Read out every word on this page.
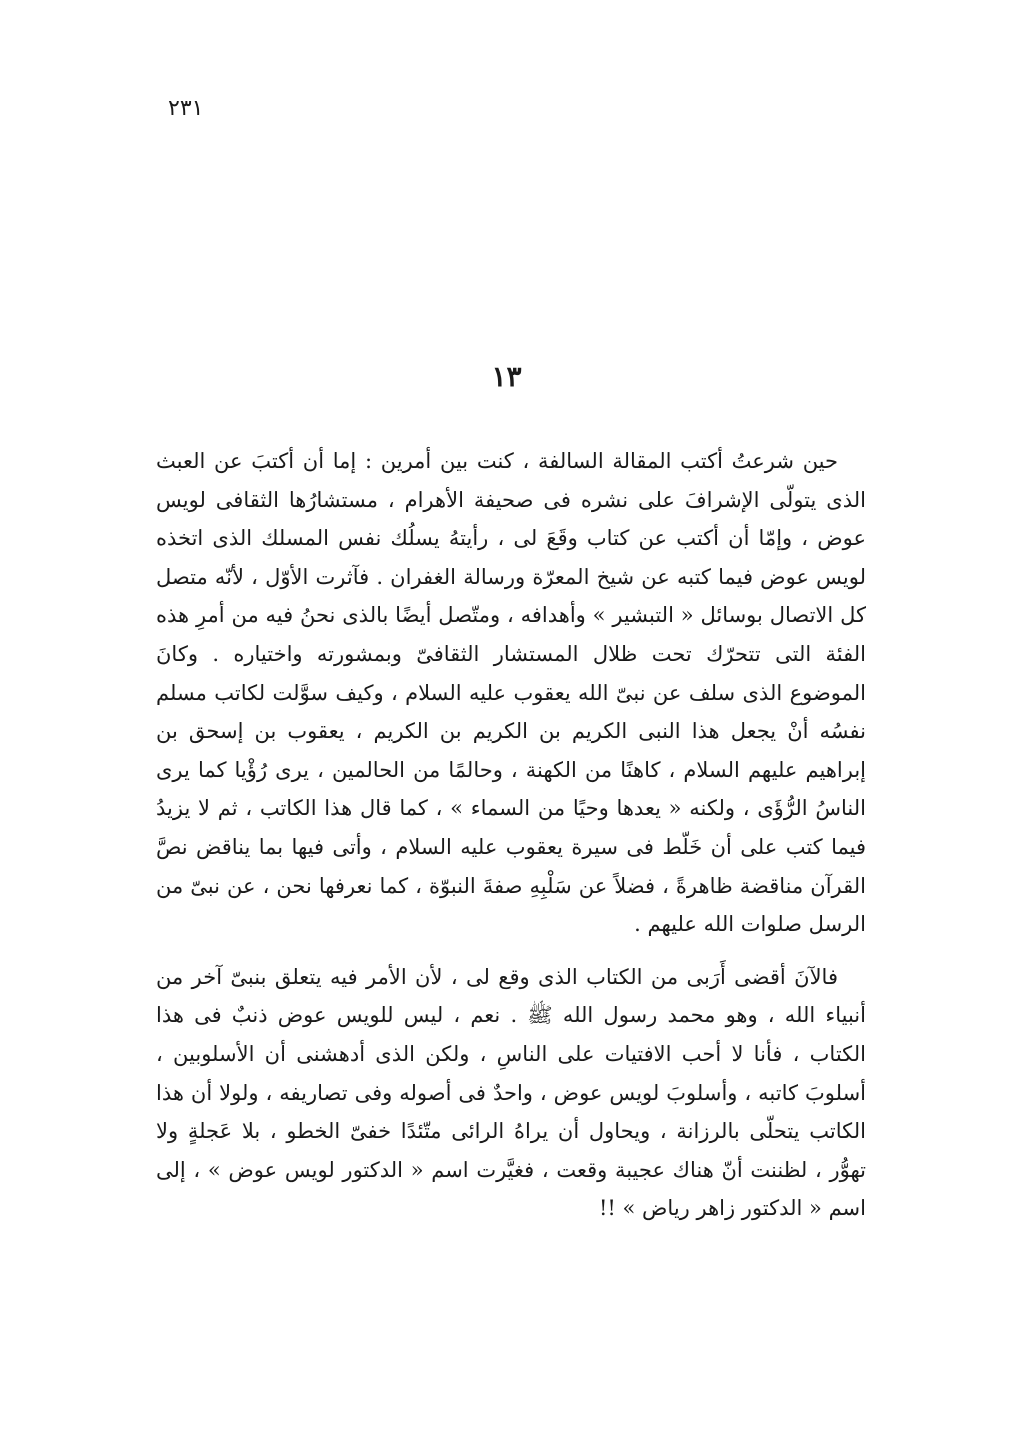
٢٣١
١٣

حين شرعتُ أكتب المقالة السالفة ، كنت بين أمرين : إما أن أكتبَ عن العبث الذى يتولّى الإشرافَ على نشره فى صحيفة الأهرام ، مستشارُها الثقافى لويس عوض ، وإمّا أن أكتب عن كتاب وقَعَ لى ، رأيتهُ يسلُك نفس المسلك الذى اتخذه لويس عوض فيما كتبه عن شيخ المعرّة ورسالة الغفران . فآثرت الأوّل ، لأنّه متصل كل الاتصال بوسائل « التبشير » وأهدافه ، ومتّصل أيضًا بالذى نحنُ فيه من أمرِ هذه الفئة التى تتحرّك تحت ظلال المستشار الثقافىّ وبمشورته واختياره . وكانَ الموضوع الذى سلف عن نبىّ الله يعقوب عليه السلام ، وكيف سوَّلت لكاتب مسلم نفسُه أنْ يجعل هذا النبى الكريم بن الكريم بن الكريم ، يعقوب بن إسحق بن إبراهيم عليهم السلام ، كاهنًا من الكهنة ، وحالمًا من الحالمين ، يرى رُؤْيا كما يرى الناسُ الرُّؤَى ، ولكنه « يعدها وحيًا من السماء » ، كما قال هذا الكاتب ، ثم لا يزيدُ فيما كتب على أن خَلّط فى سيرة يعقوب عليه السلام ، وأتى فيها بما يناقض نصَّ القرآن مناقضة ظاهرةً ، فضلاً عن سَلْبِهِ صفةَ النبوّة ، كما نعرفها نحن ، عن نبىّ من الرسل صلوات الله عليهم .

فالآنَ أقضى أَرَبى من الكتاب الذى وقع لى ، لأن الأمر فيه يتعلق بنبىّ آخر من أنبياء الله ، وهو محمد رسول الله ﷺ . نعم ، ليس للويس عوض ذنبٌ فى هذا الكتاب ، فأنا لا أحب الافتيات على الناسِ ، ولكن الذى أدهشنى أن الأسلوبين ، أسلوبَ كاتبه ، وأسلوبَ لويس عوض ، واحدٌ فى أصوله وفى تصاريفه ، ولولا أن هذا الكاتب يتحلّى بالرزانة ، ويحاول أن يراهُ الرائى متّئدًا خفىّ الخطو ، بلا عَجلةٍ ولا تهوُّر ، لظننت أنّ هناك عجيبة وقعت ، فغيَّرت اسم « الدكتور لويس عوض » ، إلى اسم « الدكتور زاهر رياض » !!
